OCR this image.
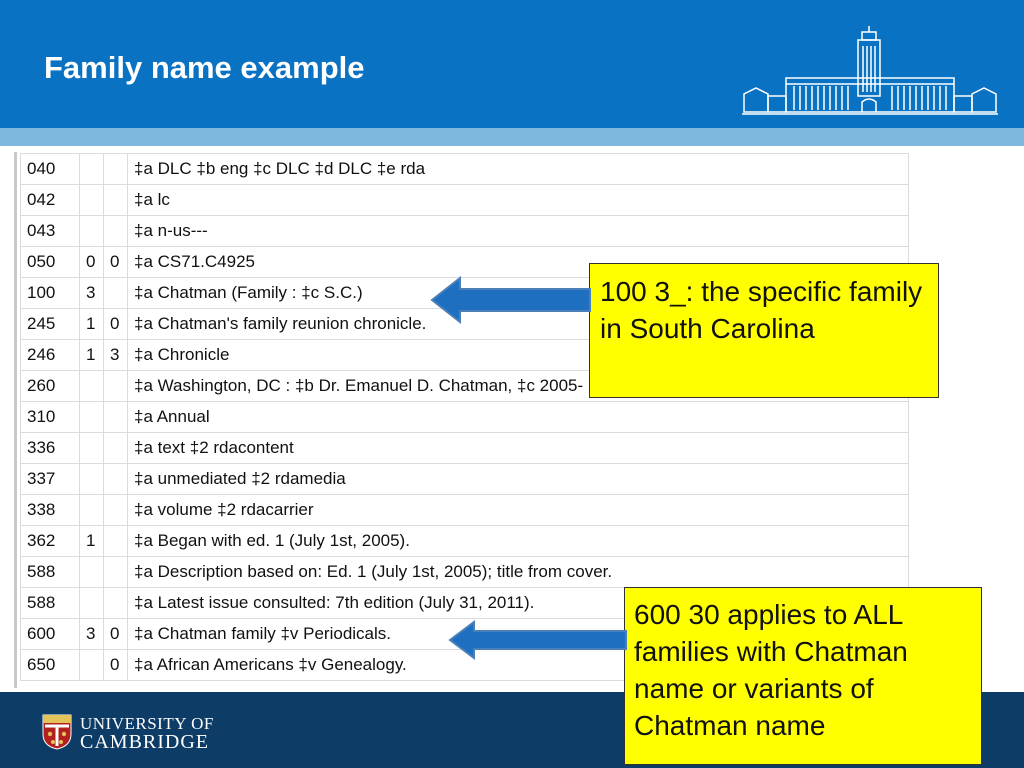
Family name example
040			‡a DLC ‡b eng ‡c DLC ‡d DLC ‡e rda
042			‡a lc
043			‡a n-us---
050	0	0	‡a CS71.C4925
100	3		‡a Chatman (Family : ‡c S.C.)
245	1	0	‡a Chatman's family reunion chronicle.
246	1	3	‡a Chronicle
260			‡a Washington, DC : ‡b Dr. Emanuel D. Chatman, ‡c 2005-
310			‡a Annual
336			‡a text ‡2 rdacontent
337			‡a unmediated ‡2 rdamedia
338			‡a volume ‡2 rdacarrier
362	1		‡a Began with ed. 1 (July 1st, 2005).
588			‡a Description based on: Ed. 1 (July 1st, 2005); title from cover.
588			‡a Latest issue consulted: 7th edition (July 31, 2011).
600	3	0	‡a Chatman family ‡v Periodicals.
650		0	‡a African Americans ‡v Genealogy.
100 3_: the specific family in South Carolina
UNIVERSITY OF
CAMBRIDGE
600 30 applies to ALL families with Chatman name or variants of Chatman name
